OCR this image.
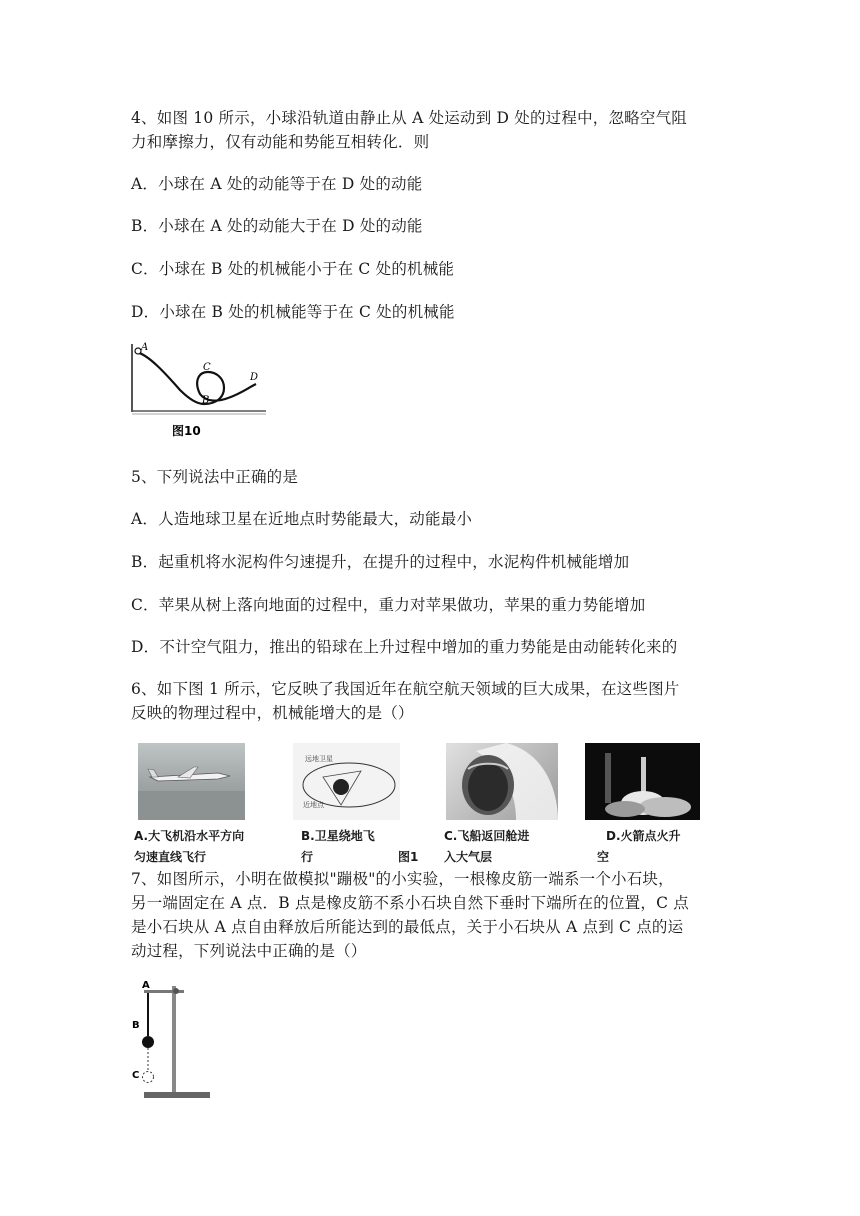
4、如图 10 所示，小球沿轨道由静止从 A 处运动到 D 处的过程中，忽略空气阻
力和摩擦力，仅有动能和势能互相转化．则
A．小球在 A 处的动能等于在 D 处的动能
B．小球在 A 处的动能大于在 D 处的动能
C．小球在 B 处的机械能小于在 C 处的机械能
D．小球在 B 处的机械能等于在 C 处的机械能
A
B
C
D
图10
5、下列说法中正确的是
A．人造地球卫星在近地点时势能最大，动能最小
B．起重机将水泥构件匀速提升，在提升的过程中，水泥构件机械能增加
C．苹果从树上落向地面的过程中，重力对苹果做功，苹果的重力势能增加
D．不计空气阻力，推出的铅球在上升过程中增加的重力势能是由动能转化来的
6、如下图 1 所示，它反映了我国近年在航空航天领域的巨大成果，在这些图片
反映的物理过程中，机械能增大的是（）
远地卫星
近地点
A.大飞机沿水平方向
匀速直线飞行
B.卫星绕地飞
行	图1
C.飞船返回舱进
入大气层
D.火箭点火升
空
7、如图所示，小明在做模拟"蹦极"的小实验，一根橡皮筋一端系一个小石块，
另一端固定在 A 点．B 点是橡皮筋不系小石块自然下垂时下端所在的位置，C 点
是小石块从 A 点自由释放后所能达到的最低点，关于小石块从 A 点到 C 点的运
动过程，下列说法中正确的是（）
A
B
C
